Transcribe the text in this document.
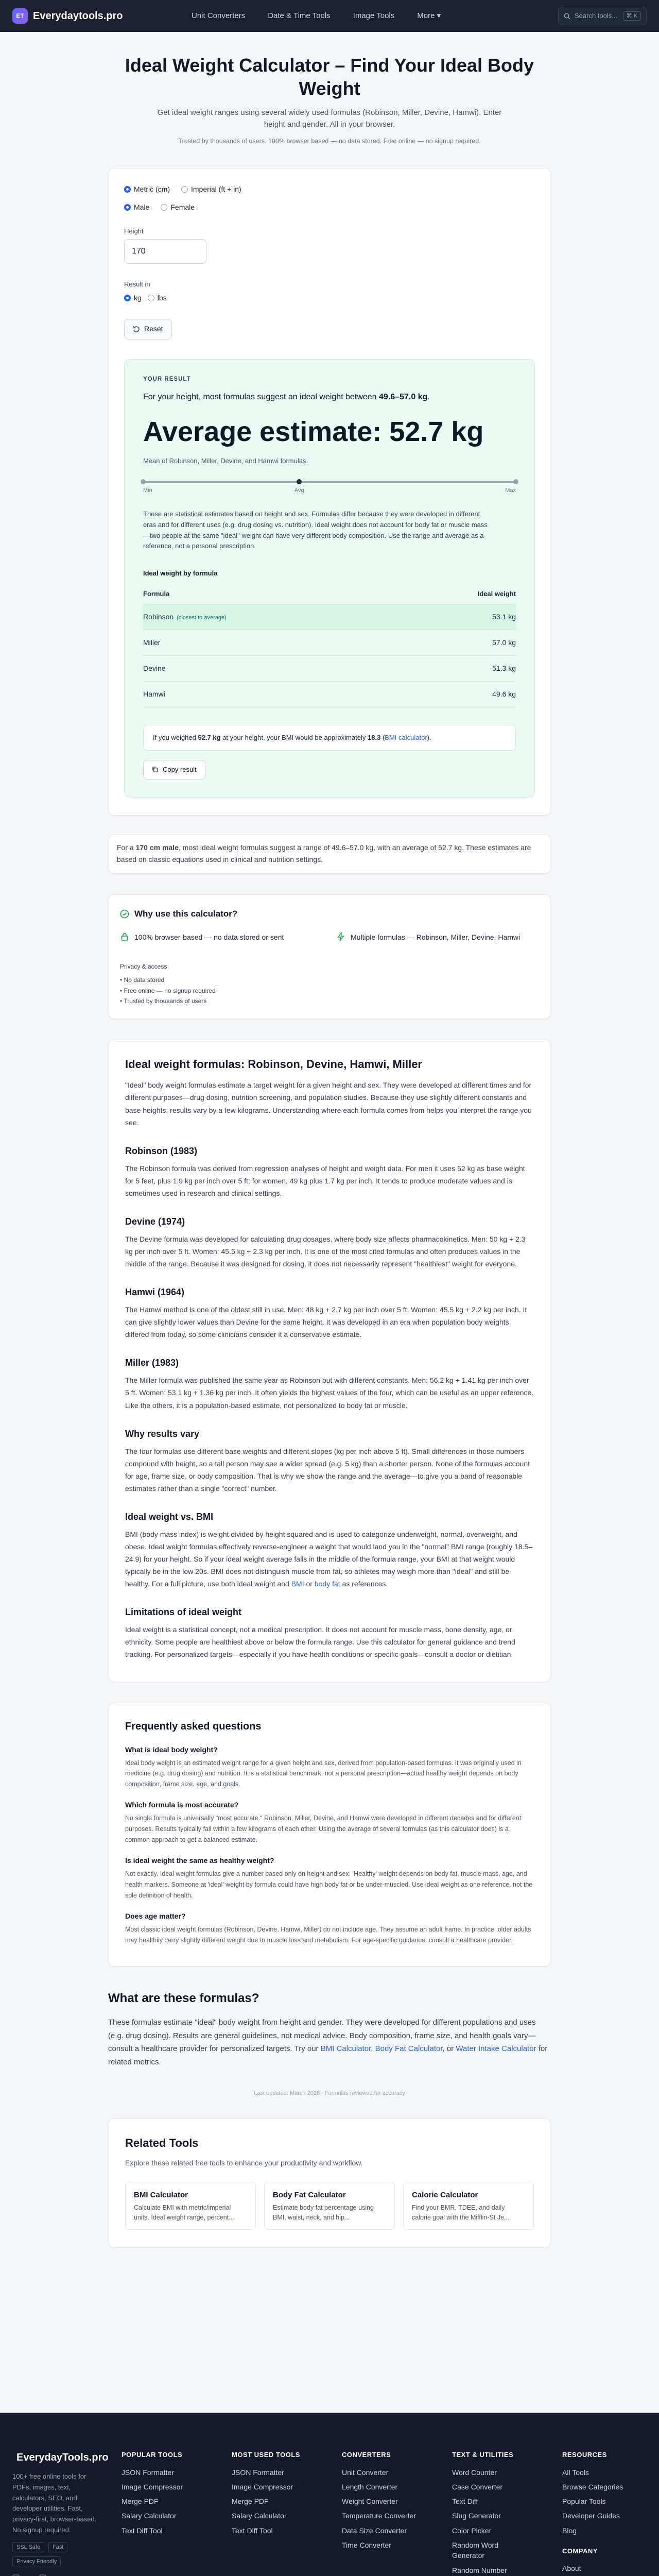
ET Everydaytools.pro	Unit Converters	Date & Time Tools	Image Tools	More ▾	Search tools...	⌘ K
Ideal Weight Calculator – Find Your Ideal Body Weight
Get ideal weight ranges using several widely used formulas (Robinson, Miller, Devine, Hamwi). Enter height and gender. All in your browser.
Trusted by thousands of users. 100% browser based — no data stored. Free online — no signup required.
Metric (cm)	Imperial (ft + in)
Male	Female
Height
170
Result in
kg lbs
Reset
YOUR RESULT
For your height, most formulas suggest an ideal weight between 49.6–57.0 kg.
Average estimate: 52.7 kg
Mean of Robinson, Miller, Devine, and Hamwi formulas.
Min	Avg	Max
These are statistical estimates based on height and sex. Formulas differ because they were developed in different eras and for different uses (e.g. drug dosing vs. nutrition). Ideal weight does not account for body fat or muscle mass—two people at the same "ideal" weight can have very different body composition. Use the range and average as a reference, not a personal prescription.
Ideal weight by formula
Formula	Ideal weight
Robinson (closest to average)	53.1 kg
Miller	57.0 kg
Devine	51.3 kg
Hamwi	49.6 kg
If you weighed 52.7 kg at your height, your BMI would be approximately 18.3 (BMI calculator).
Copy result
For a 170 cm male, most ideal weight formulas suggest a range of 49.6–57.0 kg, with an average of 52.7 kg. These estimates are based on classic equations used in clinical and nutrition settings.
Why use this calculator?
100% browser-based — no data stored or sent	Multiple formulas — Robinson, Miller, Devine, Hamwi
Privacy & access
• No data stored
• Free online — no signup required
• Trusted by thousands of users
Ideal weight formulas: Robinson, Devine, Hamwi, Miller

"Ideal" body weight formulas estimate a target weight for a given height and sex. They were developed at different times and for different purposes—drug dosing, nutrition screening, and population studies. Because they use slightly different constants and base heights, results vary by a few kilograms. Understanding where each formula comes from helps you interpret the range you see.

Robinson (1983)

The Robinson formula was derived from regression analyses of height and weight data. For men it uses 52 kg as base weight for 5 feet, plus 1.9 kg per inch over 5 ft; for women, 49 kg plus 1.7 kg per inch. It tends to produce moderate values and is sometimes used in research and clinical settings.

Devine (1974)

The Devine formula was developed for calculating drug dosages, where body size affects pharmacokinetics. Men: 50 kg + 2.3 kg per inch over 5 ft. Women: 45.5 kg + 2.3 kg per inch. It is one of the most cited formulas and often produces values in the middle of the range. Because it was designed for dosing, it does not necessarily represent "healthiest" weight for everyone.

Hamwi (1964)

The Hamwi method is one of the oldest still in use. Men: 48 kg + 2.7 kg per inch over 5 ft. Women: 45.5 kg + 2.2 kg per inch. It can give slightly lower values than Devine for the same height. It was developed in an era when population body weights differed from today, so some clinicians consider it a conservative estimate.

Miller (1983)

The Miller formula was published the same year as Robinson but with different constants. Men: 56.2 kg + 1.41 kg per inch over 5 ft. Women: 53.1 kg + 1.36 kg per inch. It often yields the highest values of the four, which can be useful as an upper reference. Like the others, it is a population-based estimate, not personalized to body fat or muscle.

Why results vary

The four formulas use different base weights and different slopes (kg per inch above 5 ft). Small differences in those numbers compound with height, so a tall person may see a wider spread (e.g. 5 kg) than a shorter person. None of the formulas account for age, frame size, or body composition. That is why we show the range and the average—to give you a band of reasonable estimates rather than a single "correct" number.

Ideal weight vs. BMI

BMI (body mass index) is weight divided by height squared and is used to categorize underweight, normal, overweight, and obese. Ideal weight formulas effectively reverse-engineer a weight that would land you in the "normal" BMI range (roughly 18.5–24.9) for your height. So if your ideal weight average falls in the middle of the formula range, your BMI at that weight would typically be in the low 20s. BMI does not distinguish muscle from fat, so athletes may weigh more than "ideal" and still be healthy. For a full picture, use both ideal weight and BMI or body fat as references.

Limitations of ideal weight

Ideal weight is a statistical concept, not a medical prescription. It does not account for muscle mass, bone density, age, or ethnicity. Some people are healthiest above or below the formula range. Use this calculator for general guidance and trend tracking. For personalized targets—especially if you have health conditions or specific goals—consult a doctor or dietitian.

Frequently asked questions
What is ideal body weight?

Ideal body weight is an estimated weight range for a given height and sex, derived from population-based formulas. It was originally used in medicine (e.g. drug dosing) and nutrition. It is a statistical benchmark, not a personal prescription—actual healthy weight depends on body composition, frame size, age, and goals.

Which formula is most accurate?

No single formula is universally "most accurate." Robinson, Miller, Devine, and Hamwi were developed in different decades and for different purposes. Results typically fall within a few kilograms of each other. Using the average of several formulas (as this calculator does) is a common approach to get a balanced estimate.

Is ideal weight the same as healthy weight?

Not exactly. Ideal weight formulas give a number based only on height and sex. 'Healthy' weight depends on body fat, muscle mass, age, and health markers. Someone at 'ideal' weight by formula could have high body fat or be under-muscled. Use ideal weight as one reference, not the sole definition of health.

Does age matter?

Most classic ideal weight formulas (Robinson, Devine, Hamwi, Miller) do not include age. They assume an adult frame. In practice, older adults may healthily carry slightly different weight due to muscle loss and metabolism. For age-specific guidance, consult a healthcare provider.

What are these formulas?

These formulas estimate "ideal" body weight from height and gender. They were developed for different populations and uses (e.g. drug dosing). Results are general guidelines, not medical advice. Body composition, frame size, and health goals vary—consult a healthcare provider for personalized targets. Try our BMI Calculator, Body Fat Calculator, or Water Intake Calculator for related metrics.

Last updated: March 2026 · Formulas reviewed for accuracy
Related Tools
Explore these related free tools to enhance your productivity and workflow.
BMI Calculator
Calculate BMI with metric/imperial units. Ideal weight range, percent...
Body Fat Calculator
Estimate body fat percentage using BMI, waist, neck, and hip...
Calorie Calculator
Find your BMR, TDEE, and daily calorie goal with the Mifflin-St Je...
EverydayTools.pro
100+ free online tools for PDFs, images, text, calculators, SEO, and developer utilities. Fast, privacy-first, browser-based. No signup required.
SSL Safe	Fast
Privacy Friendly
POPULAR TOOLS
JSON Formatter
Image Compressor
Merge PDF
Salary Calculator
Text Diff Tool
MOST USED TOOLS
JSON Formatter
Image Compressor
Merge PDF
Salary Calculator
Text Diff Tool
CONVERTERS
Unit Converter
Length Converter
Weight Converter
Temperature Converter
Data Size Converter
Time Converter
TEXT & UTILITIES
Word Counter
Case Converter
Text Diff
Slug Generator
Color Picker
Random Word Generator
Random Number
RESOURCES
All Tools
Browse Categories
Popular Tools
Developer Guides
Blog
COMPANY
About
